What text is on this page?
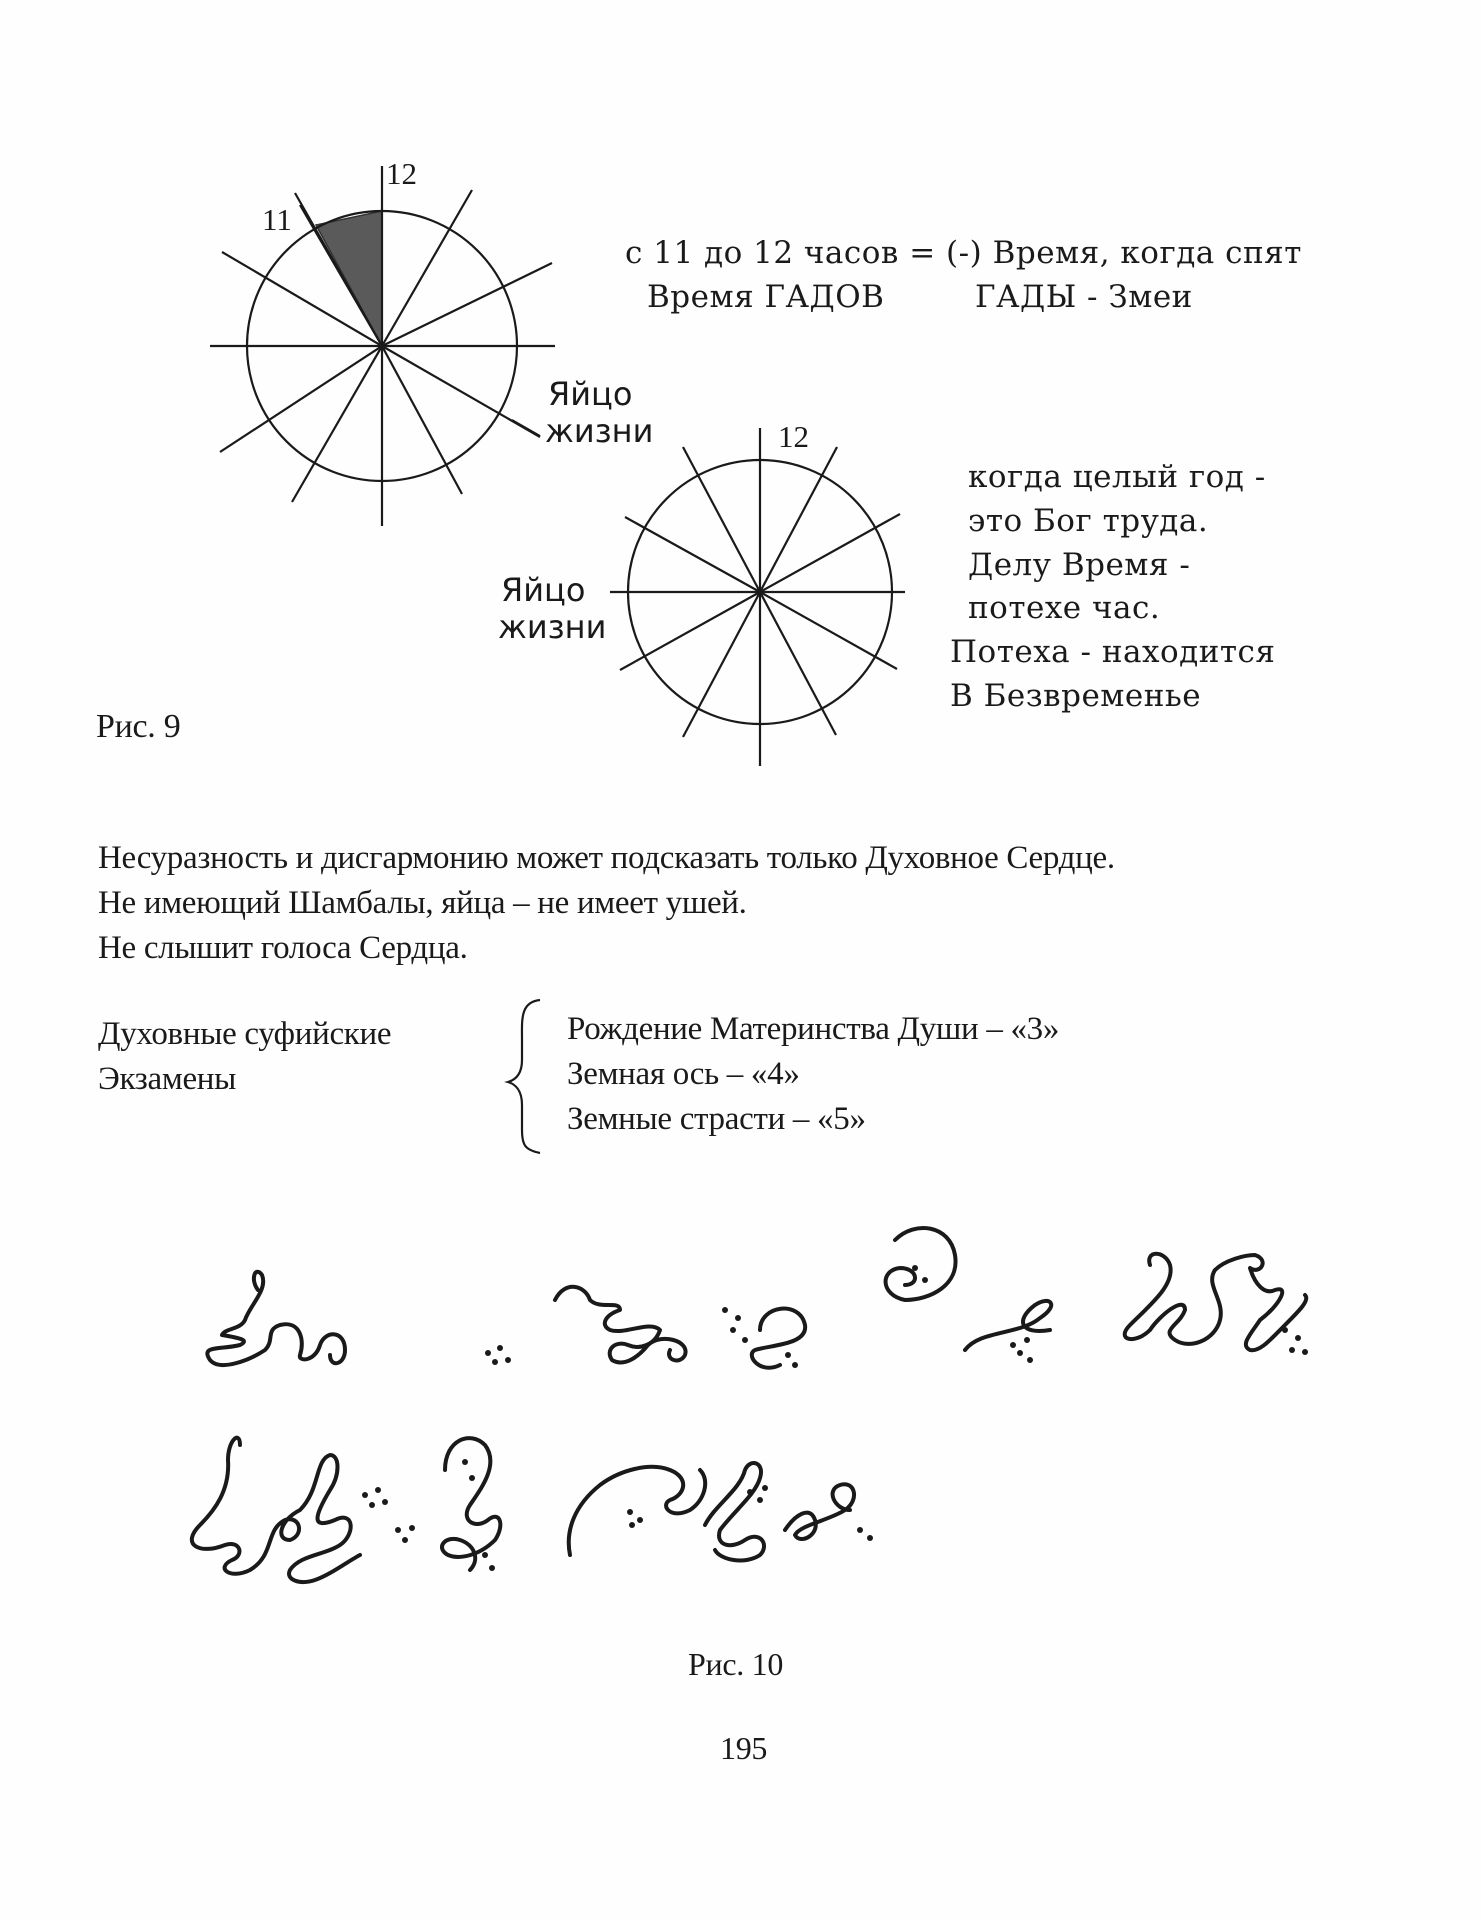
12
11
с 11 до 12 часов = (-) Время, когда спят
Время ГАДОВ	ГАДЫ - Змеи
Яйцо
жизни	12
Яйцо
жизни
когда целый год -
это Бог труда.
Делу Время -
потехе час.
Потеха - находится
В Безвременье
Рис. 9
Несуразность и дисгармонию может подсказать только Духовное Сердце.
Не имеющий Шамбалы, яйца – не имеет ушей.
Не слышит голоса Сердца.
Духовные суфийские
Экзамены
Рождение Материнства Души – «3»
Земная ось – «4»
Земные страсти – «5»
Рис. 10
195
